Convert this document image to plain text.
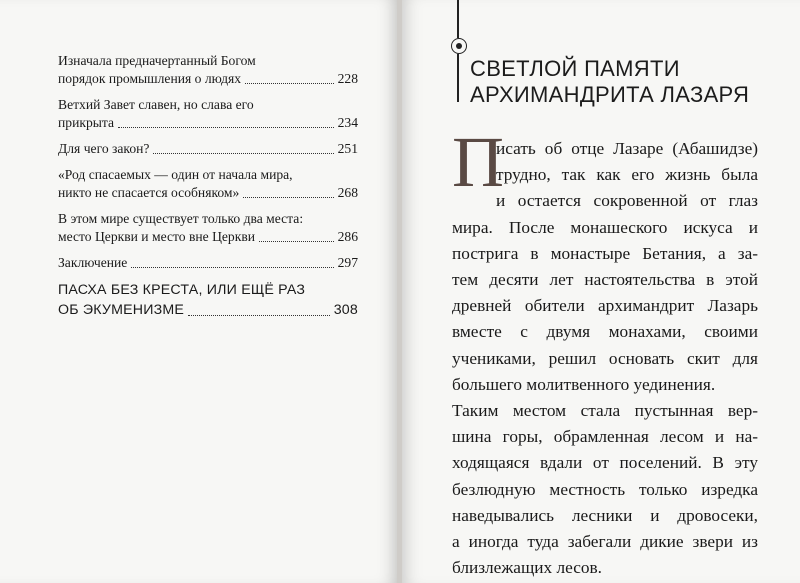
Изначала предначертанный Богом
порядок промышления о людях	228
Ветхий Завет славен, но слава его
прикрыта	234
Для чего закон?	251
«Род спасаемых — один от начала мира,
никто не спасается особняком»	268
В этом мире существует только два места:
место Церкви и место вне Церкви	286
Заключение	297
ПАСХА БЕЗ КРЕСТА, ИЛИ ЕЩЁ РАЗ
ОБ ЭКУМЕНИЗМЕ	308
СВЕТЛОЙ ПАМЯТИ
АРХИМАНДРИТА ЛАЗАРЯ
П
исать об отце Лазаре (Абашидзе)
трудно, так как его жизнь была
и остается сокровенной от глаз
мира. После монашеского искуса и
пострига в монастыре Бетания, а за-
тем десяти лет настоятельства в этой
древней обители архимандрит Лазарь
вместе с двумя монахами, своими
учениками, решил основать скит для
большего молитвенного уединения.
Таким местом стала пустынная вер-
шина горы, обрамленная лесом и на-
ходящаяся вдали от поселений. В эту
безлюдную местность только изредка
наведывались лесники и дровосеки,
а иногда туда забегали дикие звери из
близлежащих лесов.
